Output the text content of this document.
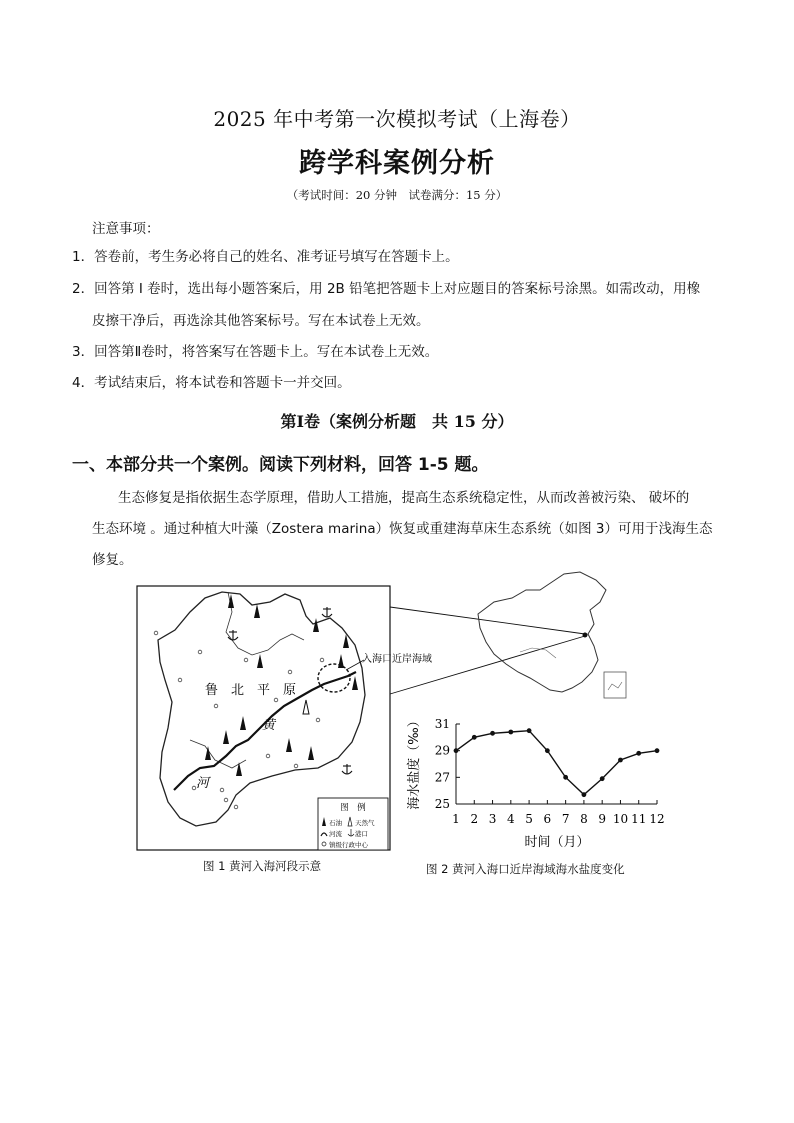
2025 年中考第一次模拟考试（上海卷）
跨学科案例分析
（考试时间：20 分钟　试卷满分：15 分）
注意事项：
1．答卷前，考生务必将自己的姓名、准考证号填写在答题卡上。
2．回答第 I 卷时，选出每小题答案后，用 2B 铅笔把答题卡上对应题目的答案标号涂黑。如需改动，用橡
皮擦干净后，再选涂其他答案标号。写在本试卷上无效。
3．回答第Ⅱ卷时，将答案写在答题卡上。写在本试卷上无效。
4．考试结束后，将本试卷和答题卡一并交回。
第Ⅰ卷（案例分析题　共 15 分）
一、本部分共一个案例。阅读下列材料，回答 1-5 题。
生态修复是指依据生态学原理，借助人工措施，提高生态系统稳定性，从而改善被污染、 破坏的
生态环境 。通过种植大叶藻（Zostera marina）恢复或重建海草床生态系统（如图 3）可用于浅海生态
修复。
入海口近岸海域
鲁　北　平　原
黄
河
图　例
石油 天然气
河流 港口
镇级行政中心
25
27
29
31
1 2 3 4 5 6 7 8 9 10 11 12
海水盐度（‰）
时间（月）
图 1 黄河入海河段示意	图 2 黄河入海口近岸海域海水盐度变化
